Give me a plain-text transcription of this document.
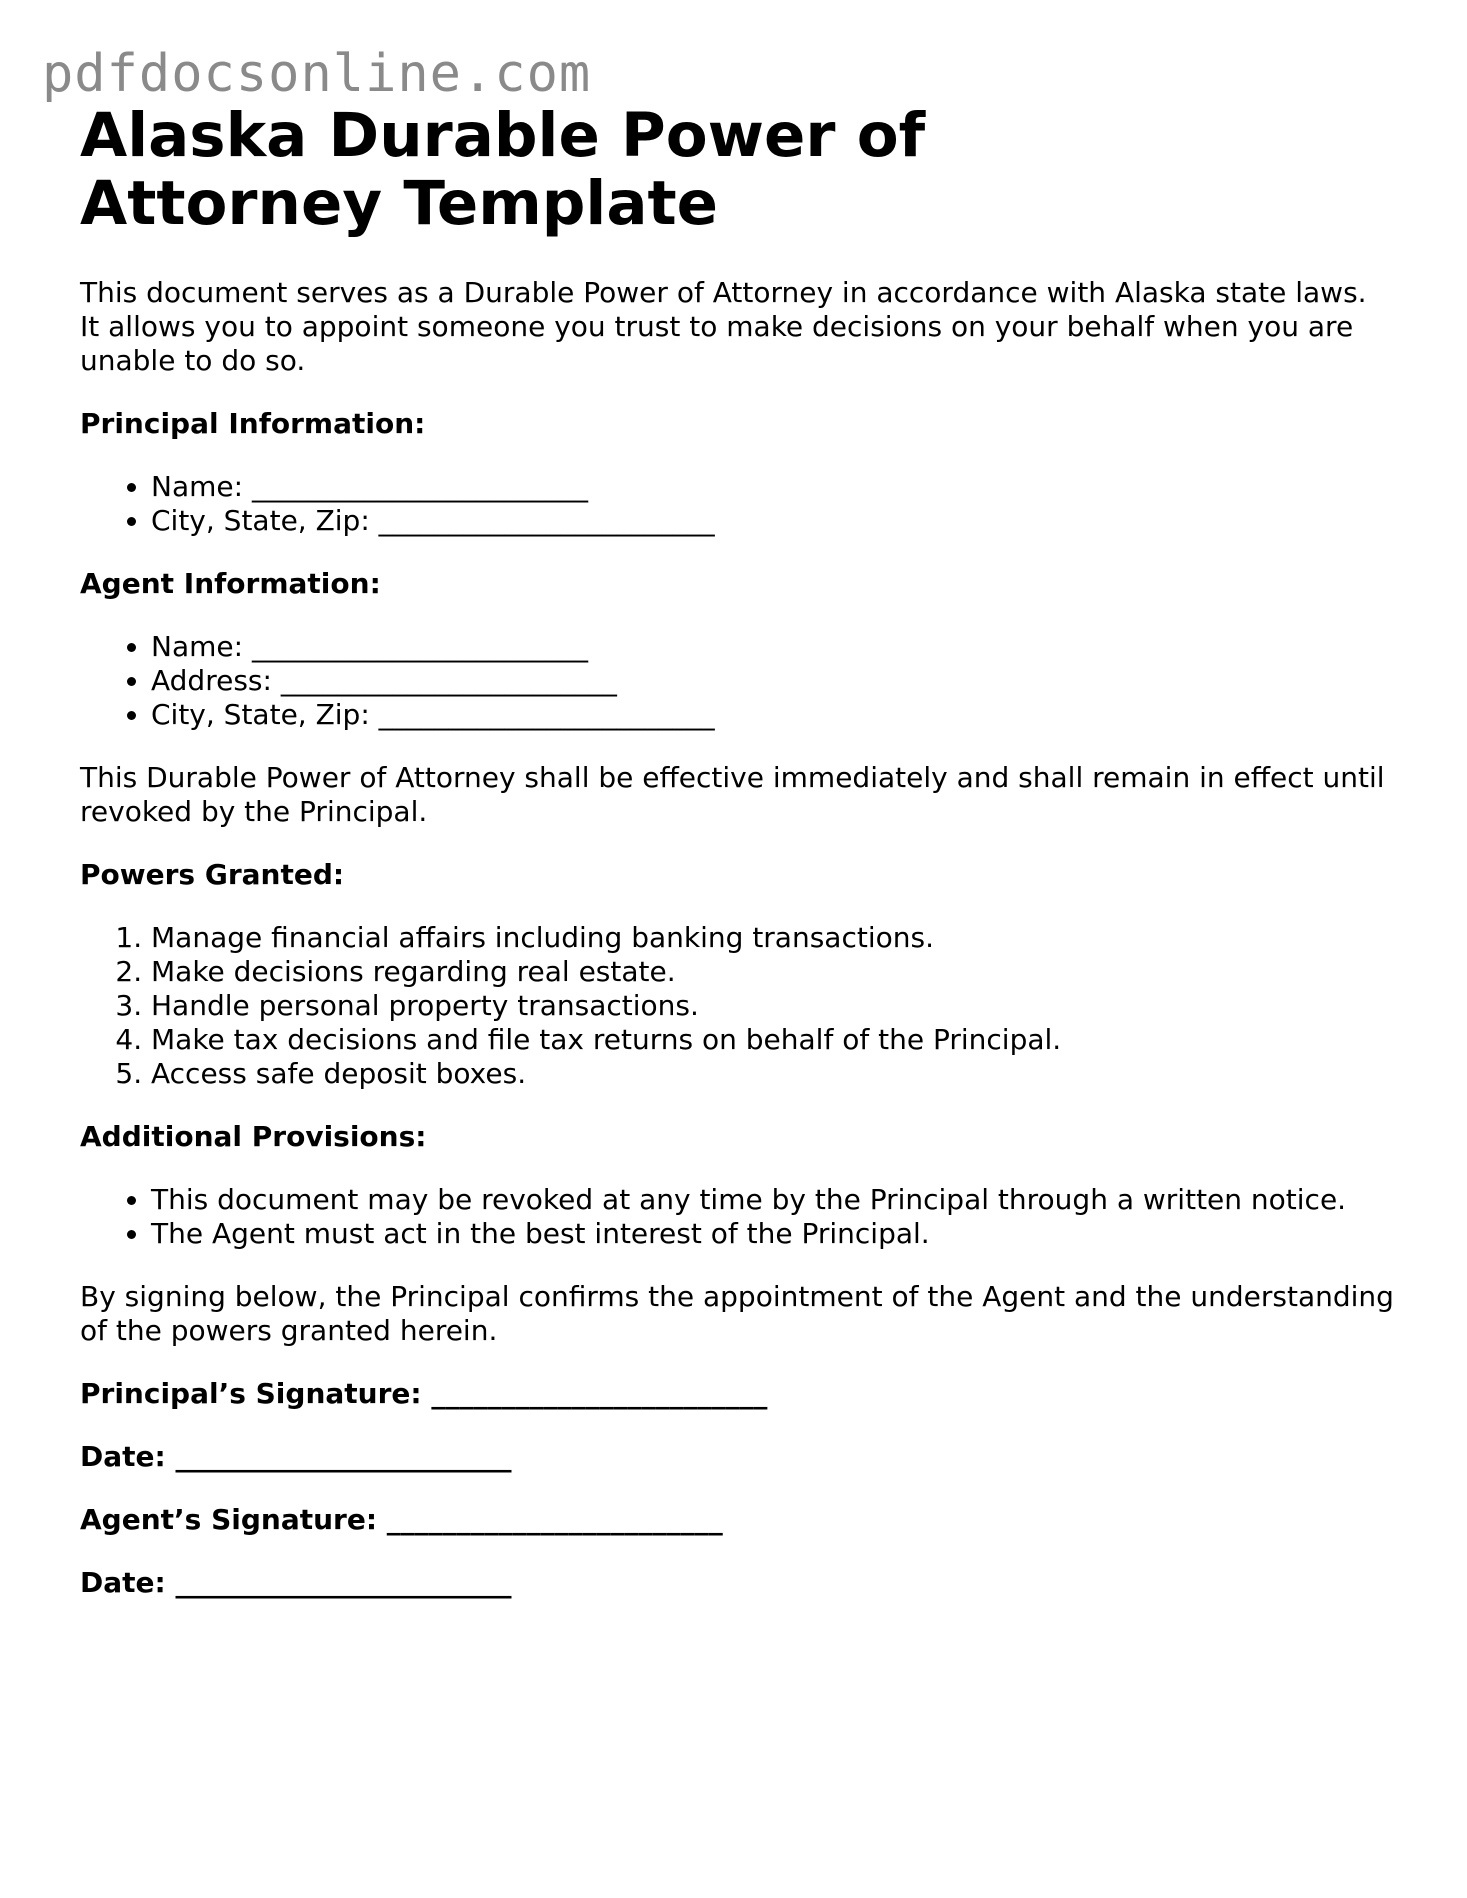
pdfdocsonline.com
Alaska Durable Power of Attorney Template

This document serves as a Durable Power of Attorney in accordance with Alaska state laws. It allows you to appoint someone you trust to make decisions on your behalf when you are unable to do so.

Principal Information:
• Name: ________________________
• City, State, Zip: ________________________
Agent Information:
• Name: ________________________
• Address: ________________________
• City, State, Zip: ________________________

This Durable Power of Attorney shall be effective immediately and shall remain in effect until revoked by the Principal.

Powers Granted:
1. Manage financial affairs including banking transactions.
2. Make decisions regarding real estate.
3. Handle personal property transactions.
4. Make tax decisions and file tax returns on behalf of the Principal.
5. Access safe deposit boxes.
Additional Provisions:
• This document may be revoked at any time by the Principal through a written notice.
• The Agent must act in the best interest of the Principal.

By signing below, the Principal confirms the appointment of the Agent and the understanding of the powers granted herein.

Principal’s Signature: ________________________
Date: ________________________
Agent’s Signature: ________________________
Date: ________________________
